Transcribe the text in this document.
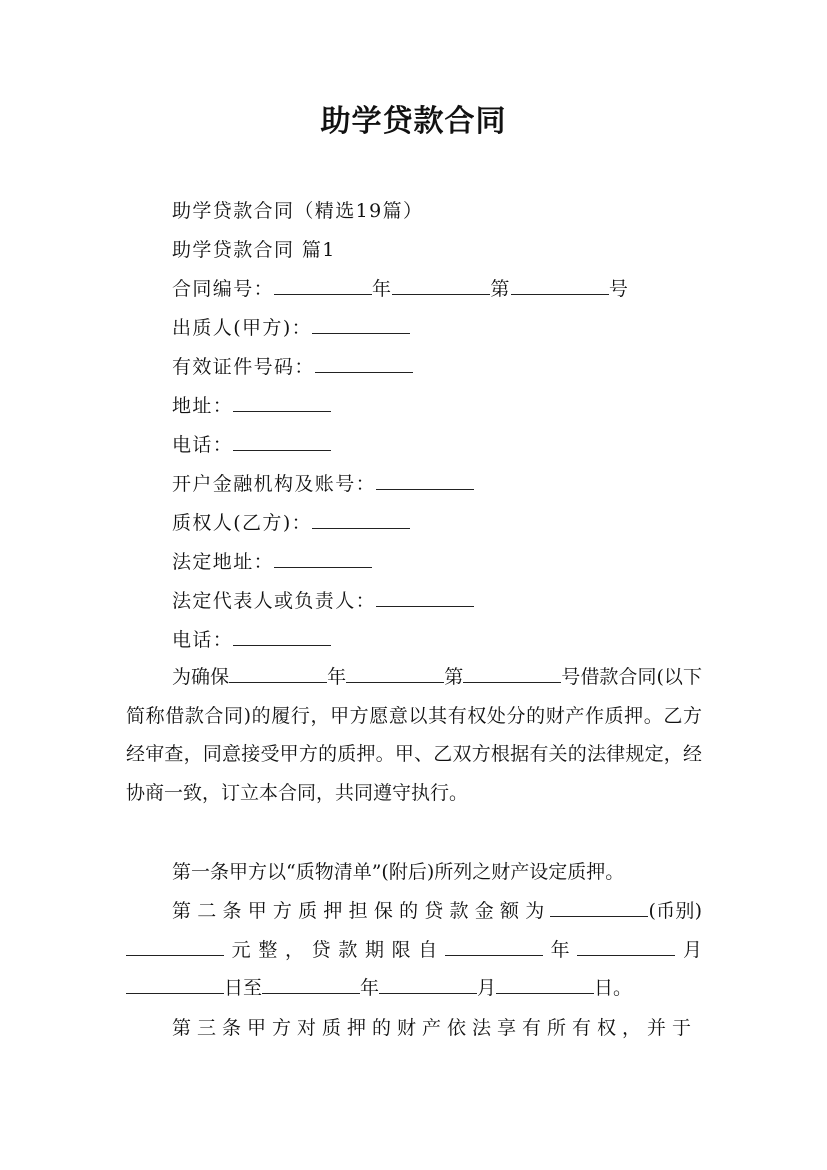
助学贷款合同
助学贷款合同（精选19篇）
助学贷款合同 篇1
合同编号：	年	第	号
出质人(甲方)：
有效证件号码：
地址：
电话：
开户金融机构及账号：
质权人(乙方)：
法定地址：
法定代表人或负责人：
电话：
为确保	年	第	号借款合同(以下简称借款合同)的履行，甲方愿意以其有权处分的财产作质押。乙方经审查，同意接受甲方的质押。甲、乙双方根据有关的法律规定，经协商一致，订立本合同，共同遵守执行。
第一条甲方以“质物清单”(附后)所列之财产设定质押。
第二条甲方质押担保的贷款金额为	(币别)元整，贷款期限自	年	月日至	年	月	日。
第三条甲方对质押的财产依法享有所有权，并于
